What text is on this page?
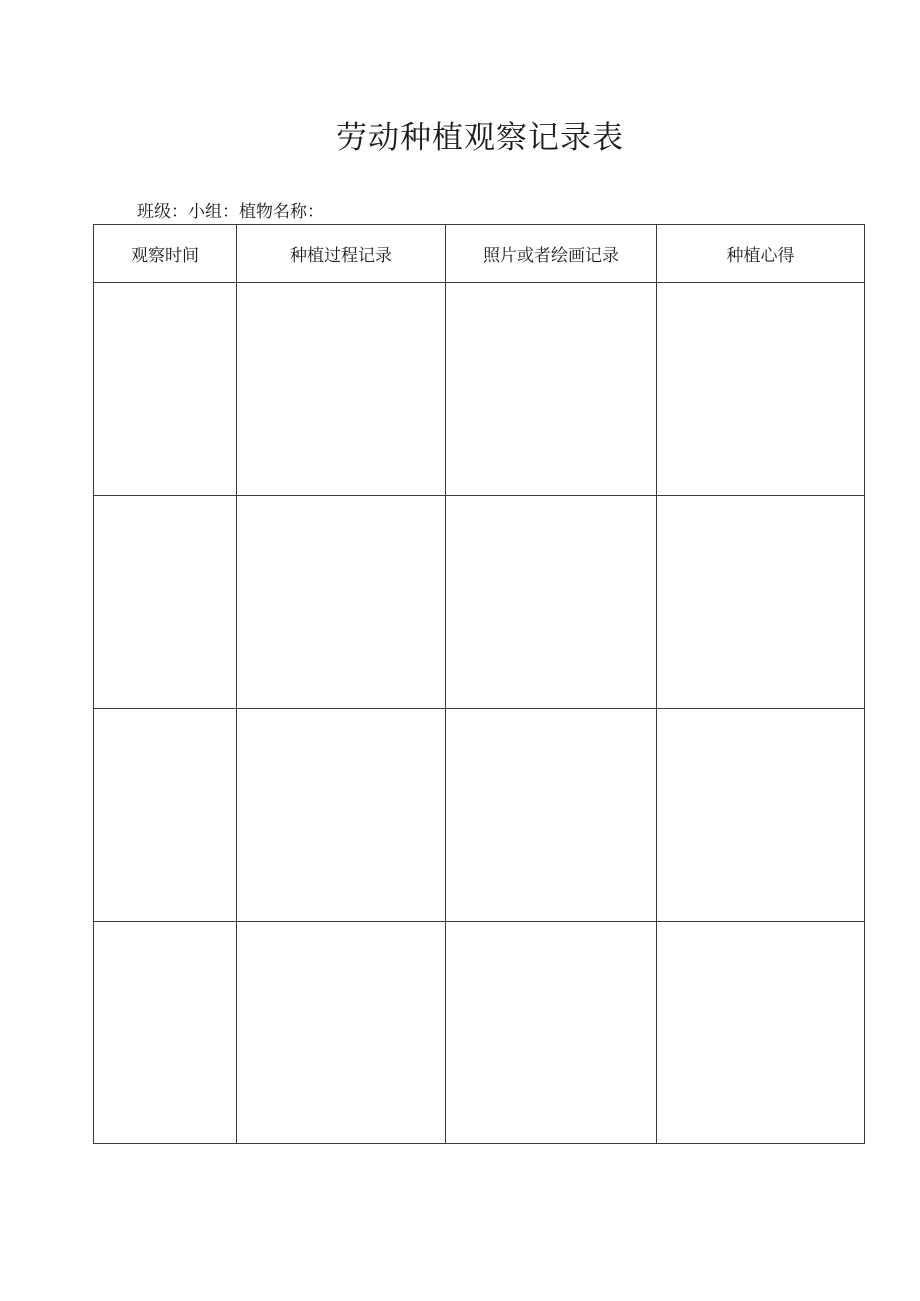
劳动种植观察记录表
班级：小组：植物名称：
观察时间	种植过程记录	照片或者绘画记录	种植心得
